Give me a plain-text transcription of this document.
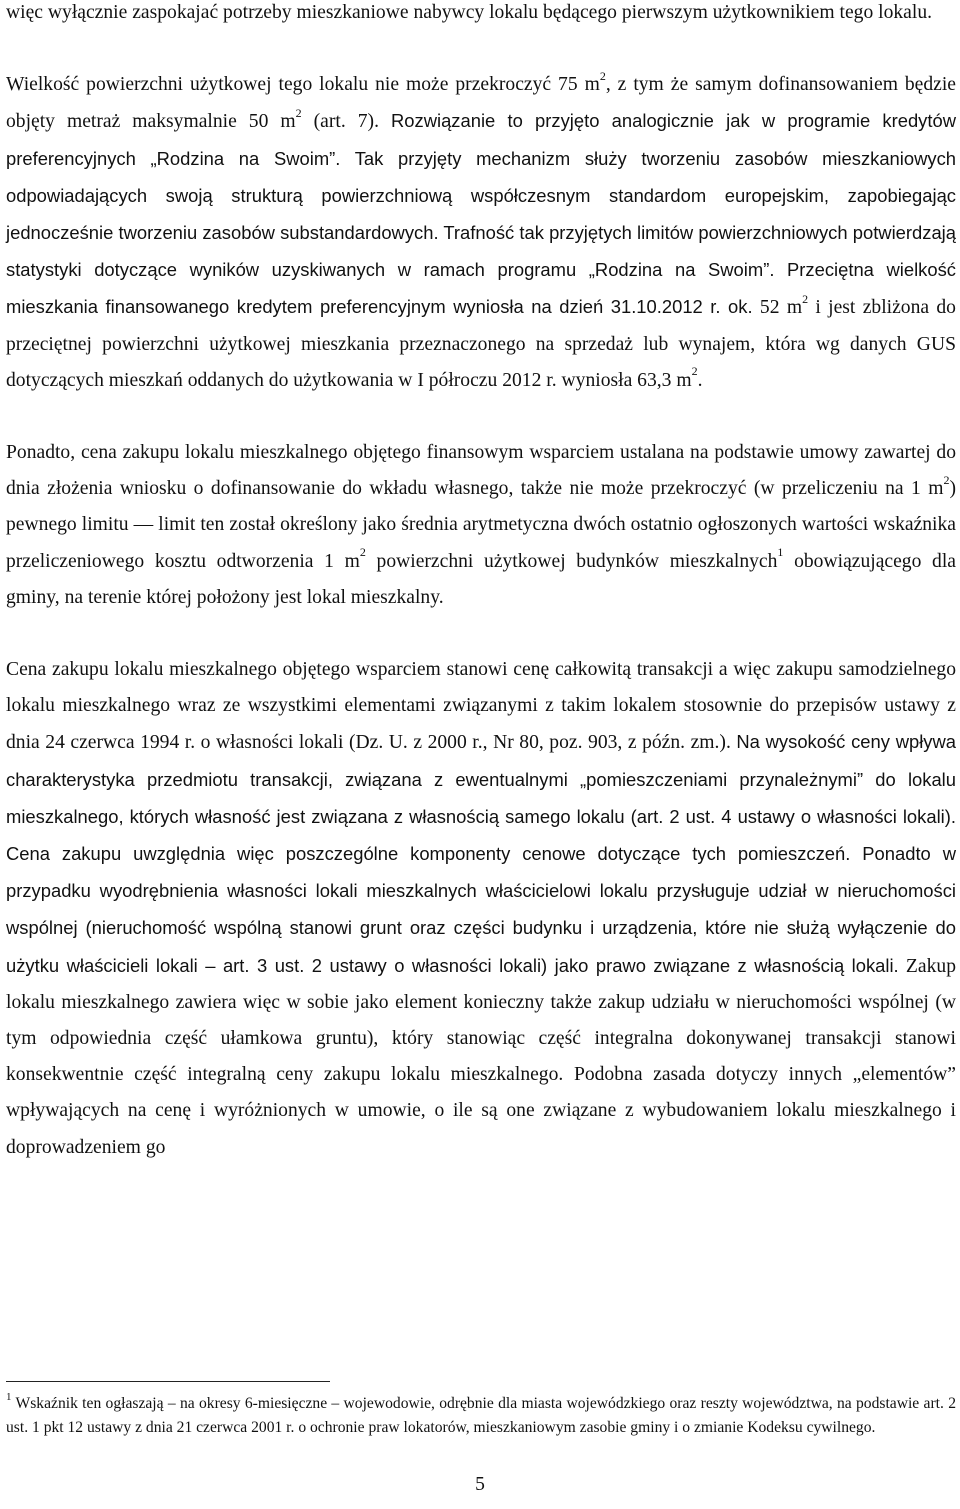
więc wyłącznie zaspokajać potrzeby mieszkaniowe nabywcy lokalu będącego pierwszym użytkownikiem tego lokalu.

Wielkość powierzchni użytkowej tego lokalu nie może przekroczyć 75 $m^2$, z tym że samym dofinansowaniem będzie objęty metraż maksymalnie 50 $m^2$ (art. 7). Rozwiązanie to przyjęto analogicznie jak w programie kredytów preferencyjnych „Rodzina na Swoim”. Tak przyjęty mechanizm służy tworzeniu zasobów mieszkaniowych odpowiadających swoją strukturą powierzchniową współczesnym standardom europejskim, zapobiegając jednocześnie tworzeniu zasobów substandardowych. Trafność tak przyjętych limitów powierzchniowych potwierdzają statystyki dotyczące wyników uzyskiwanych w ramach programu „Rodzina na Swoim”. Przeciętna wielkość mieszkania finansowanego kredytem preferencyjnym wyniosła na dzień 31.10.2012 r. ok. 52 $m^2$ i jest zbliżona do przeciętnej powierzchni użytkowej mieszkania przeznaczonego na sprzedaż lub wynajem, która wg danych GUS dotyczących mieszkań oddanych do użytkowania w I półroczu 2012 r. wyniosła 63,3 $m^2$.

Ponadto, cena zakupu lokalu mieszkalnego objętego finansowym wsparciem ustalana na podstawie umowy zawartej do dnia złożenia wniosku o dofinansowanie do wkładu własnego, także nie może przekroczyć (w przeliczeniu na 1 $m^2$) pewnego limitu — limit ten został określony jako średnia arytmetyczna dwóch ostatnio ogłoszonych wartości wskaźnika przeliczeniowego kosztu odtworzenia 1 $m^2$ powierzchni użytkowej budynków mieszkalnych$^1$ obowiązującego dla gminy, na terenie której położony jest lokal mieszkalny.

Cena zakupu lokalu mieszkalnego objętego wsparciem stanowi cenę całkowitą transakcji a więc zakupu samodzielnego lokalu mieszkalnego wraz ze wszystkimi elementami związanymi z takim lokalem stosownie do przepisów ustawy z dnia 24 czerwca 1994 r. o własności lokali (Dz. U. z 2000 r., Nr 80, poz. 903, z późn. zm.). Na wysokość ceny wpływa charakterystyka przedmiotu transakcji, związana z ewentualnymi „pomieszczeniami przynależnymi” do lokalu mieszkalnego, których własność jest związana z własnością samego lokalu (art. 2 ust. 4 ustawy o własności lokali). Cena zakupu uwzględnia więc poszczególne komponenty cenowe dotyczące tych pomieszczeń. Ponadto w przypadku wyodrębnienia własności lokali mieszkalnych właścicielowi lokalu przysługuje udział w nieruchomości wspólnej (nieruchomość wspólną stanowi grunt oraz części budynku i urządzenia, które nie służą wyłączenie do użytku właścicieli lokali – art. 3 ust. 2 ustawy o własności lokali) jako prawo związane z własnością lokali. Zakup lokalu mieszkalnego zawiera więc w sobie jako element konieczny także zakup udziału w nieruchomości wspólnej (w tym odpowiednia część ułamkowa gruntu), który stanowiąc część integralna dokonywanej transakcji stanowi konsekwentnie część integralną ceny zakupu lokalu mieszkalnego. Podobna zasada dotyczy innych „elementów” wpływających na cenę i wyróżnionych w umowie, o ile są one związane z wybudowaniem lokalu mieszkalnego i doprowadzeniem go

$^1$ Wskaźnik ten ogłaszają – na okresy 6-miesięczne – wojewodowie, odrębnie dla miasta wojewódzkiego oraz reszty województwa, na podstawie art. 2 ust. 1 pkt 12 ustawy z dnia 21 czerwca 2001 r. o ochronie praw lokatorów, mieszkaniowym zasobie gminy i o zmianie Kodeksu cywilnego.

5
